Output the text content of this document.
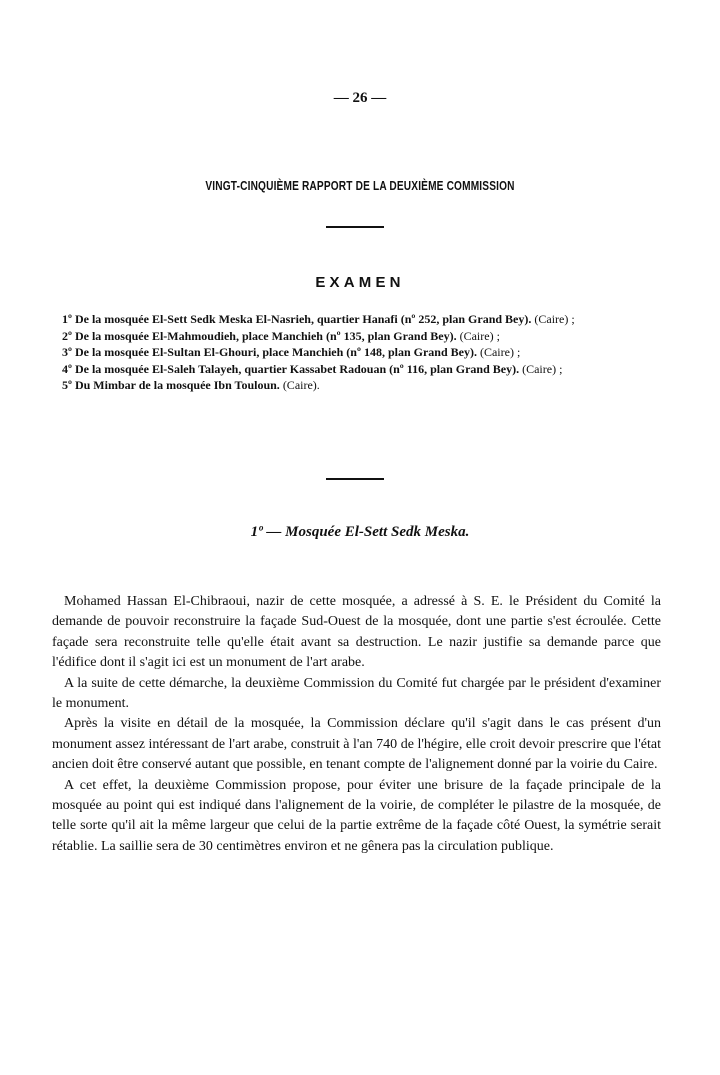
— 26 —
VINGT-CINQUIÈME RAPPORT DE LA DEUXIÈME COMMISSION
EXAMEN

1º De la mosquée El-Sett Sedk Meska El-Nasrieh, quartier Hanafi (nº 252, plan Grand Bey). (Caire) ;

2º De la mosquée El-Mahmoudieh, place Manchieh (nº 135, plan Grand Bey). (Caire) ;

3º De la mosquée El-Sultan El-Ghouri, place Manchieh (nº 148, plan Grand Bey). (Caire) ;

4º De la mosquée El-Saleh Talayeh, quartier Kassabet Radouan (nº 116, plan Grand Bey). (Caire) ;

5º Du Mimbar de la mosquée Ibn Touloun. (Caire).

1º — Mosquée El-Sett Sedk Meska.

Mohamed Hassan El-Chibraoui, nazir de cette mosquée, a adressé à S. E. le Président du Comité la demande de pouvoir reconstruire la façade Sud-Ouest de la mosquée, dont une partie s'est écroulée. Cette façade sera reconstruite telle qu'elle était avant sa destruction. Le nazir justifie sa demande parce que l'édifice dont il s'agit ici est un monument de l'art arabe.

A la suite de cette démarche, la deuxième Commission du Comité fut chargée par le président d'examiner le monument.

Après la visite en détail de la mosquée, la Commission déclare qu'il s'agit dans le cas présent d'un monument assez intéressant de l'art arabe, construit à l'an 740 de l'hégire, elle croit devoir prescrire que l'état ancien doit être conservé autant que possible, en tenant compte de l'alignement donné par la voirie du Caire.

A cet effet, la deuxième Commission propose, pour éviter une brisure de la façade principale de la mosquée au point qui est indiqué dans l'alignement de la voirie, de compléter le pilastre de la mosquée, de telle sorte qu'il ait la même largeur que celui de la partie extrême de la façade côté Ouest, la symétrie serait rétablie. La saillie sera de 30 centimètres environ et ne gênera pas la circulation publique.
